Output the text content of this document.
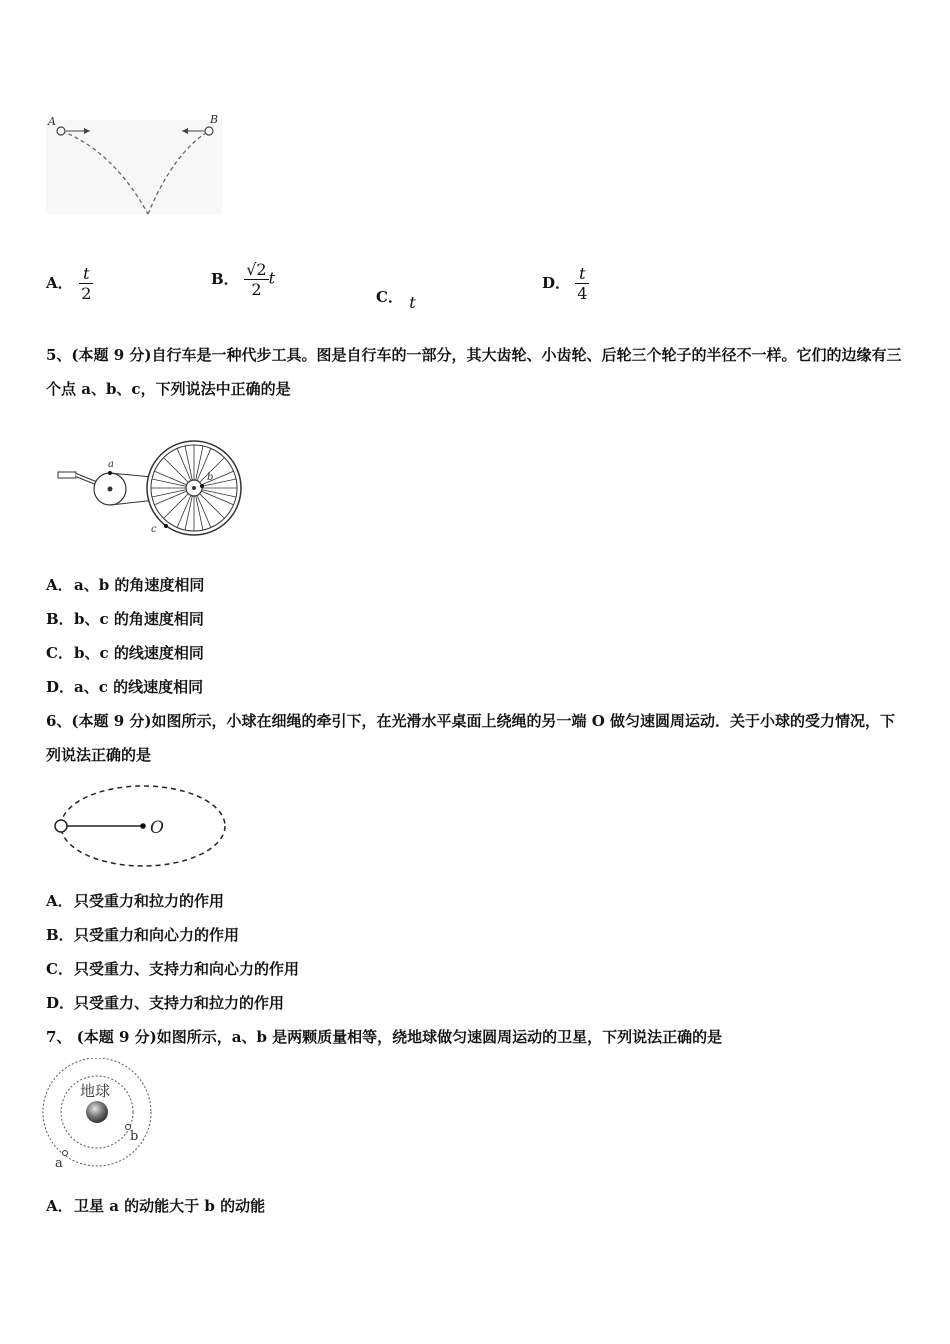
A	B
A． $\frac{t}{2}$	B． $\frac{√2}{2}$ t
C． t
D． $\frac{t}{4}$
5、(本题 9 分)自行车是一种代步工具。图是自行车的一部分，其大齿轮、小齿轮、后轮三个轮子的半径不一样。它们的边缘有三个点 a、b、c，下列说法中正确的是
a
b
c
A．a、b 的角速度相同
B．b、c 的角速度相同
C．b、c 的线速度相同
D．a、c 的线速度相同
6、(本题 9 分)如图所示，小球在细绳的牵引下，在光滑水平桌面上绕绳的另一端 O 做匀速圆周运动．关于小球的受力情况，下列说法正确的是
O
A．只受重力和拉力的作用
B．只受重力和向心力的作用
C．只受重力、支持力和向心力的作用
D．只受重力、支持力和拉力的作用
7、 (本题 9 分)如图所示，a、b 是两颗质量相等，绕地球做匀速圆周运动的卫星，下列说法正确的是
地球
b
a
A．卫星 a 的动能大于 b 的动能
